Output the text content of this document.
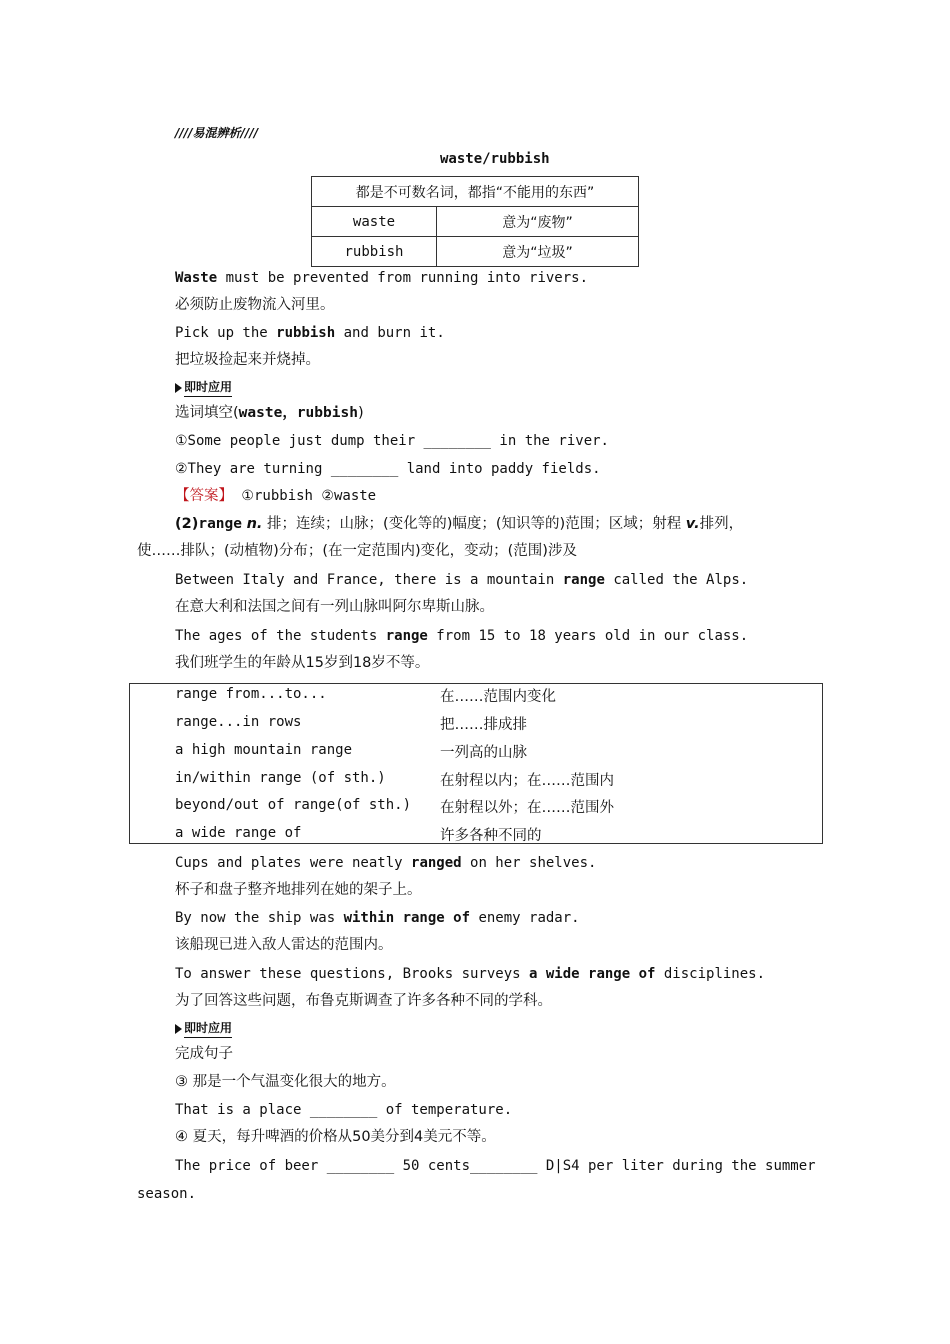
////易混辨析////
waste/rubbish
都是不可数名词，都指“不能用的东西”	
waste	意为“废物”
rubbish	意为“垃圾”
Waste must be prevented from running into rivers.
必须防止废物流入河里。
Pick up the rubbish and burn it.
把垃圾捡起来并烧掉。
即时应用
选词填空(waste，rubbish)
①Some people just dump their ________ in the river.
②They are turning ________ land into paddy fields.
【答案】 ①rubbish ②waste
(2)range n. 排；连续；山脉；(变化等的)幅度；(知识等的)范围；区域；射程 v.排列，
使……排队；(动植物)分布；(在一定范围内)变化，变动；(范围)涉及
Between Italy and France, there is a mountain range called the Alps.
在意大利和法国之间有一列山脉叫阿尔卑斯山脉。
The ages of the students range from 15 to 18 years old in our class.
我们班学生的年龄从15岁到18岁不等。
range from...to...	在……范围内变化
range...in rows	把……排成排
a high mountain range	一列高的山脉
in/within range (of sth.)	在射程以内；在……范围内
beyond/out of range(of sth.) 在射程以外；在……范围外
a wide range of	许多各种不同的
Cups and plates were neatly ranged on her shelves.
杯子和盘子整齐地排列在她的架子上。
By now the ship was within range of enemy radar.
该船现已进入敌人雷达的范围内。
To answer these questions, Brooks surveys a wide range of disciplines.
为了回答这些问题，布鲁克斯调查了许多各种不同的学科。
即时应用
完成句子
③ 那是一个气温变化很大的地方。
That is a place ________ of temperature.
④ 夏天，每升啤酒的价格从50美分到4美元不等。
The price of beer ________ 50 cents________ D|S4 per liter during the summer
season.
